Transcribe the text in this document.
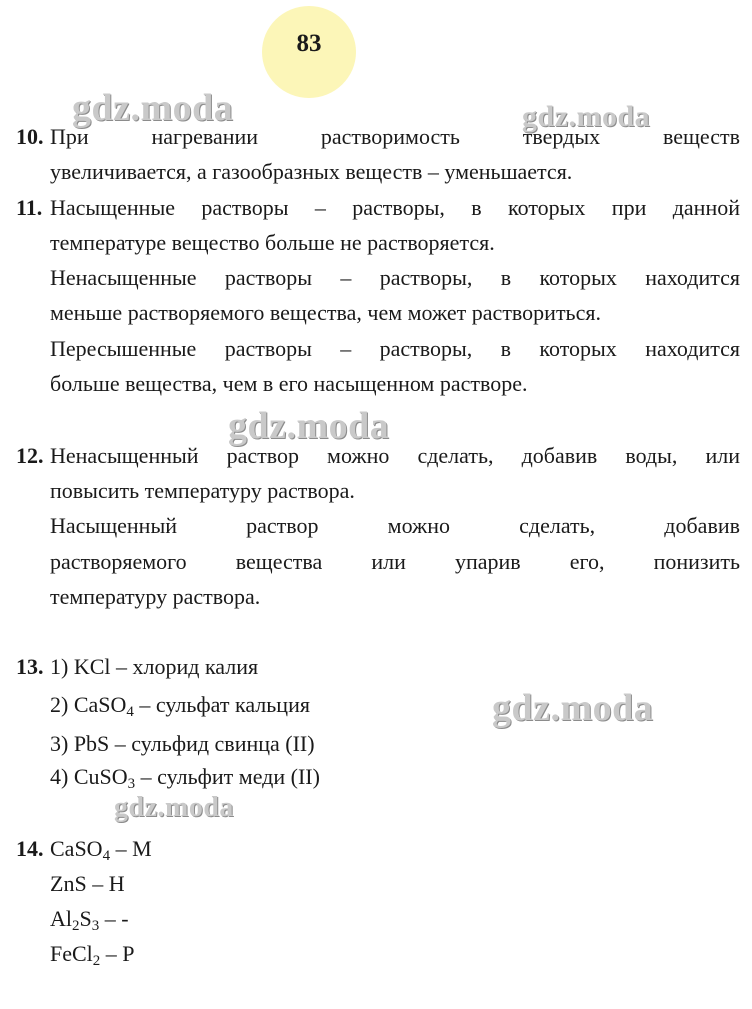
83
gdz.moda	gdz.moda
gdz.moda
gdz.moda
gdz.moda
10. При нагревании растворимость твердых веществ
увеличивается, а газообразных веществ – уменьшается.
11. Насыщенные растворы – растворы, в которых при данной
температуре вещество больше не растворяется.
Ненасыщенные растворы – растворы, в которых находится
меньше растворяемого вещества, чем может раствориться.
Пересышенные растворы – растворы, в которых находится
больше вещества, чем в его насыщенном растворе.
12. Ненасыщенный раствор можно сделать, добавив воды, или
повысить температуру раствора.
Насыщенный раствор можно сделать, добавив
растворяемого вещества или упарив его, понизить
температуру раствора.
13. 1) KCl – хлорид калия
2) CaSO4 – сульфат кальция
3) PbS – сульфид свинца (II)
4) CuSO3 – сульфит меди (II)
14. CaSO4 – М
ZnS – Н
Al2S3 – -
FeCl2 – Р
